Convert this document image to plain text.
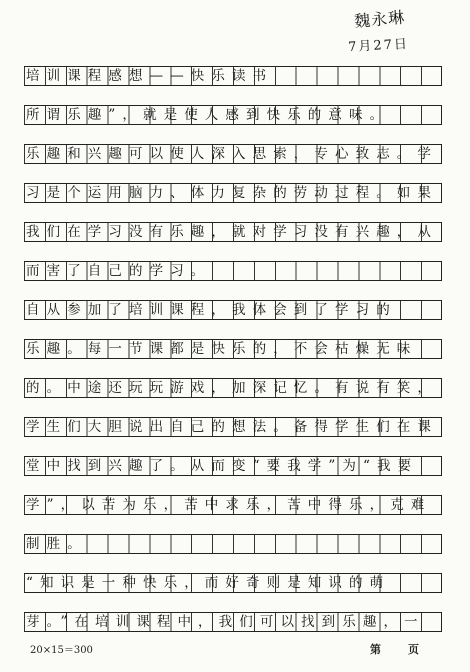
魏永琳
7月27日
培训课程感想——快乐读书
所谓乐趣”，就是使人感到快乐的意味。
乐趣和兴趣可以使人深入思索，专心致志。学
习是个运用脑力、体力复杂的劳动过程。如果
我们在学习没有乐趣，就对学习没有兴趣，从
而害了自己的学习。
自从参加了培训课程，我体会到了学习的
乐趣。每一节课都是快乐的，不会枯燥无味
的。中途还玩玩游戏，加深记忆。有说有笑，
学生们大胆说出自己的想法。备得学生们在课
堂中找到兴趣了。从而变“要我学”为“我要
学”，以苦为乐，苦中求乐，苦中得乐，克难
制胜。
“知识是一种快乐，而好奇则是知识的萌
芽。”在培训课程中，我们可以找到乐趣，一
20×15＝300	第 页
